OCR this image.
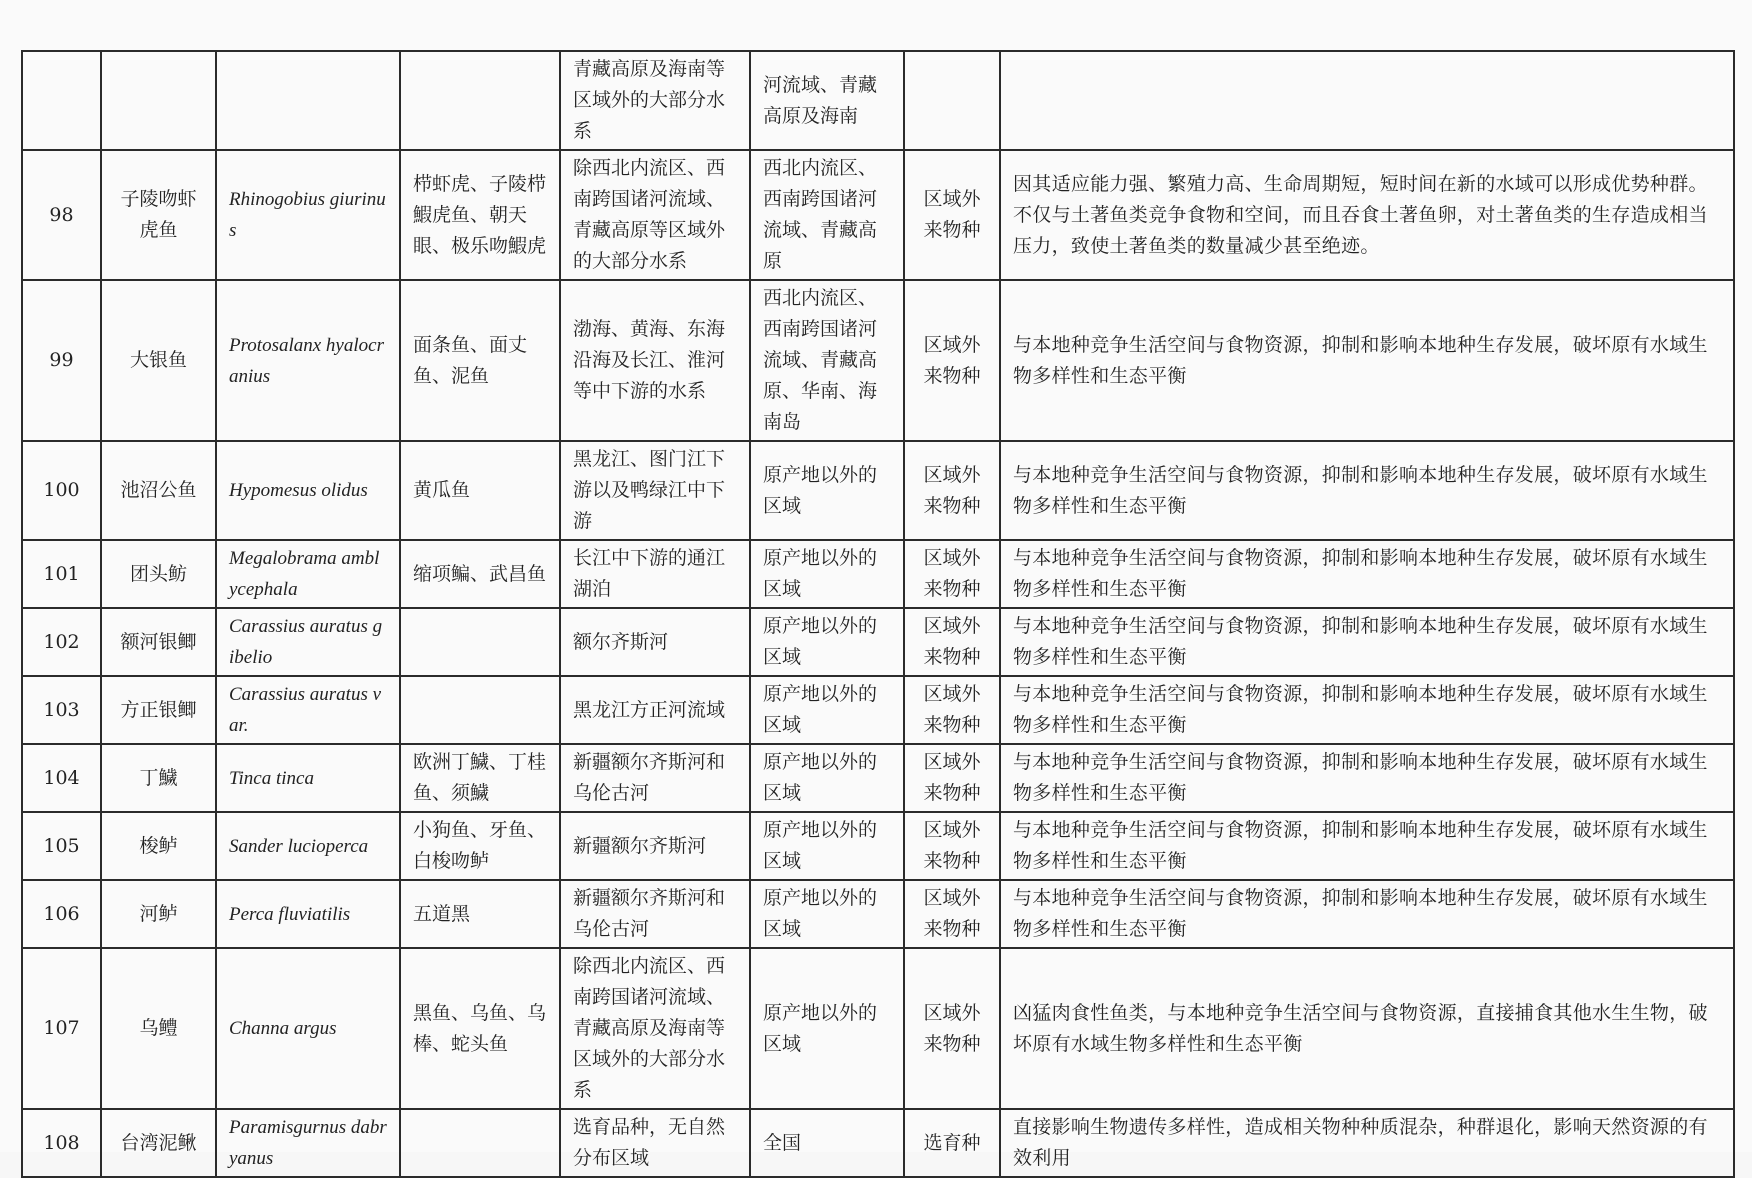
				青藏高原及海南等区域外的大部分水系	河流域、青藏高原及海南		
98	子陵吻虾虎鱼	Rhinogobius giurinus	栉虾虎、子陵栉鰕虎鱼、朝天眼、极乐吻鰕虎	除西北内流区、西南跨国诸河流域、青藏高原等区域外的大部分水系	西北内流区、西南跨国诸河流域、青藏高原	区域外来物种	因其适应能力强、繁殖力高、生命周期短，短时间在新的水域可以形成优势种群。不仅与土著鱼类竞争食物和空间，而且吞食土著鱼卵，对土著鱼类的生存造成相当压力，致使土著鱼类的数量减少甚至绝迹。
99	大银鱼	Protosalanx hyalocranius	面条鱼、面丈鱼、泥鱼	渤海、黄海、东海沿海及长江、淮河等中下游的水系	西北内流区、西南跨国诸河流域、青藏高原、华南、海南岛	区域外来物种	与本地种竞争生活空间与食物资源，抑制和影响本地种生存发展，破坏原有水域生物多样性和生态平衡
100	池沼公鱼	Hypomesus olidus	黄瓜鱼	黑龙江、图门江下游以及鸭绿江中下游	原产地以外的区域	区域外来物种	与本地种竞争生活空间与食物资源，抑制和影响本地种生存发展，破坏原有水域生物多样性和生态平衡
101	团头鲂	Megalobrama amblycephala	缩项鳊、武昌鱼	长江中下游的通江湖泊	原产地以外的区域	区域外来物种	与本地种竞争生活空间与食物资源，抑制和影响本地种生存发展，破坏原有水域生物多样性和生态平衡
102	额河银鲫	Carassius auratus gibelio		额尔齐斯河	原产地以外的区域	区域外来物种	与本地种竞争生活空间与食物资源，抑制和影响本地种生存发展，破坏原有水域生物多样性和生态平衡
103	方正银鲫	Carassius auratus var.		黑龙江方正河流域	原产地以外的区域	区域外来物种	与本地种竞争生活空间与食物资源，抑制和影响本地种生存发展，破坏原有水域生物多样性和生态平衡
104	丁鱥	Tinca tinca	欧洲丁鱥、丁桂鱼、须鱥	新疆额尔齐斯河和乌伦古河	原产地以外的区域	区域外来物种	与本地种竞争生活空间与食物资源，抑制和影响本地种生存发展，破坏原有水域生物多样性和生态平衡
105	梭鲈	Sander lucioperca	小狗鱼、牙鱼、白梭吻鲈	新疆额尔齐斯河	原产地以外的区域	区域外来物种	与本地种竞争生活空间与食物资源，抑制和影响本地种生存发展，破坏原有水域生物多样性和生态平衡
106	河鲈	Perca fluviatilis	五道黑	新疆额尔齐斯河和乌伦古河	原产地以外的区域	区域外来物种	与本地种竞争生活空间与食物资源，抑制和影响本地种生存发展，破坏原有水域生物多样性和生态平衡
107	乌鳢	Channa argus	黑鱼、乌鱼、乌棒、蛇头鱼	除西北内流区、西南跨国诸河流域、青藏高原及海南等区域外的大部分水系	原产地以外的区域	区域外来物种	凶猛肉食性鱼类，与本地种竞争生活空间与食物资源，直接捕食其他水生生物，破坏原有水域生物多样性和生态平衡
108	台湾泥鳅	Paramisgurnus dabryanus		选育品种，无自然分布区域	全国	选育种	直接影响生物遗传多样性，造成相关物种种质混杂，种群退化，影响天然资源的有效利用
